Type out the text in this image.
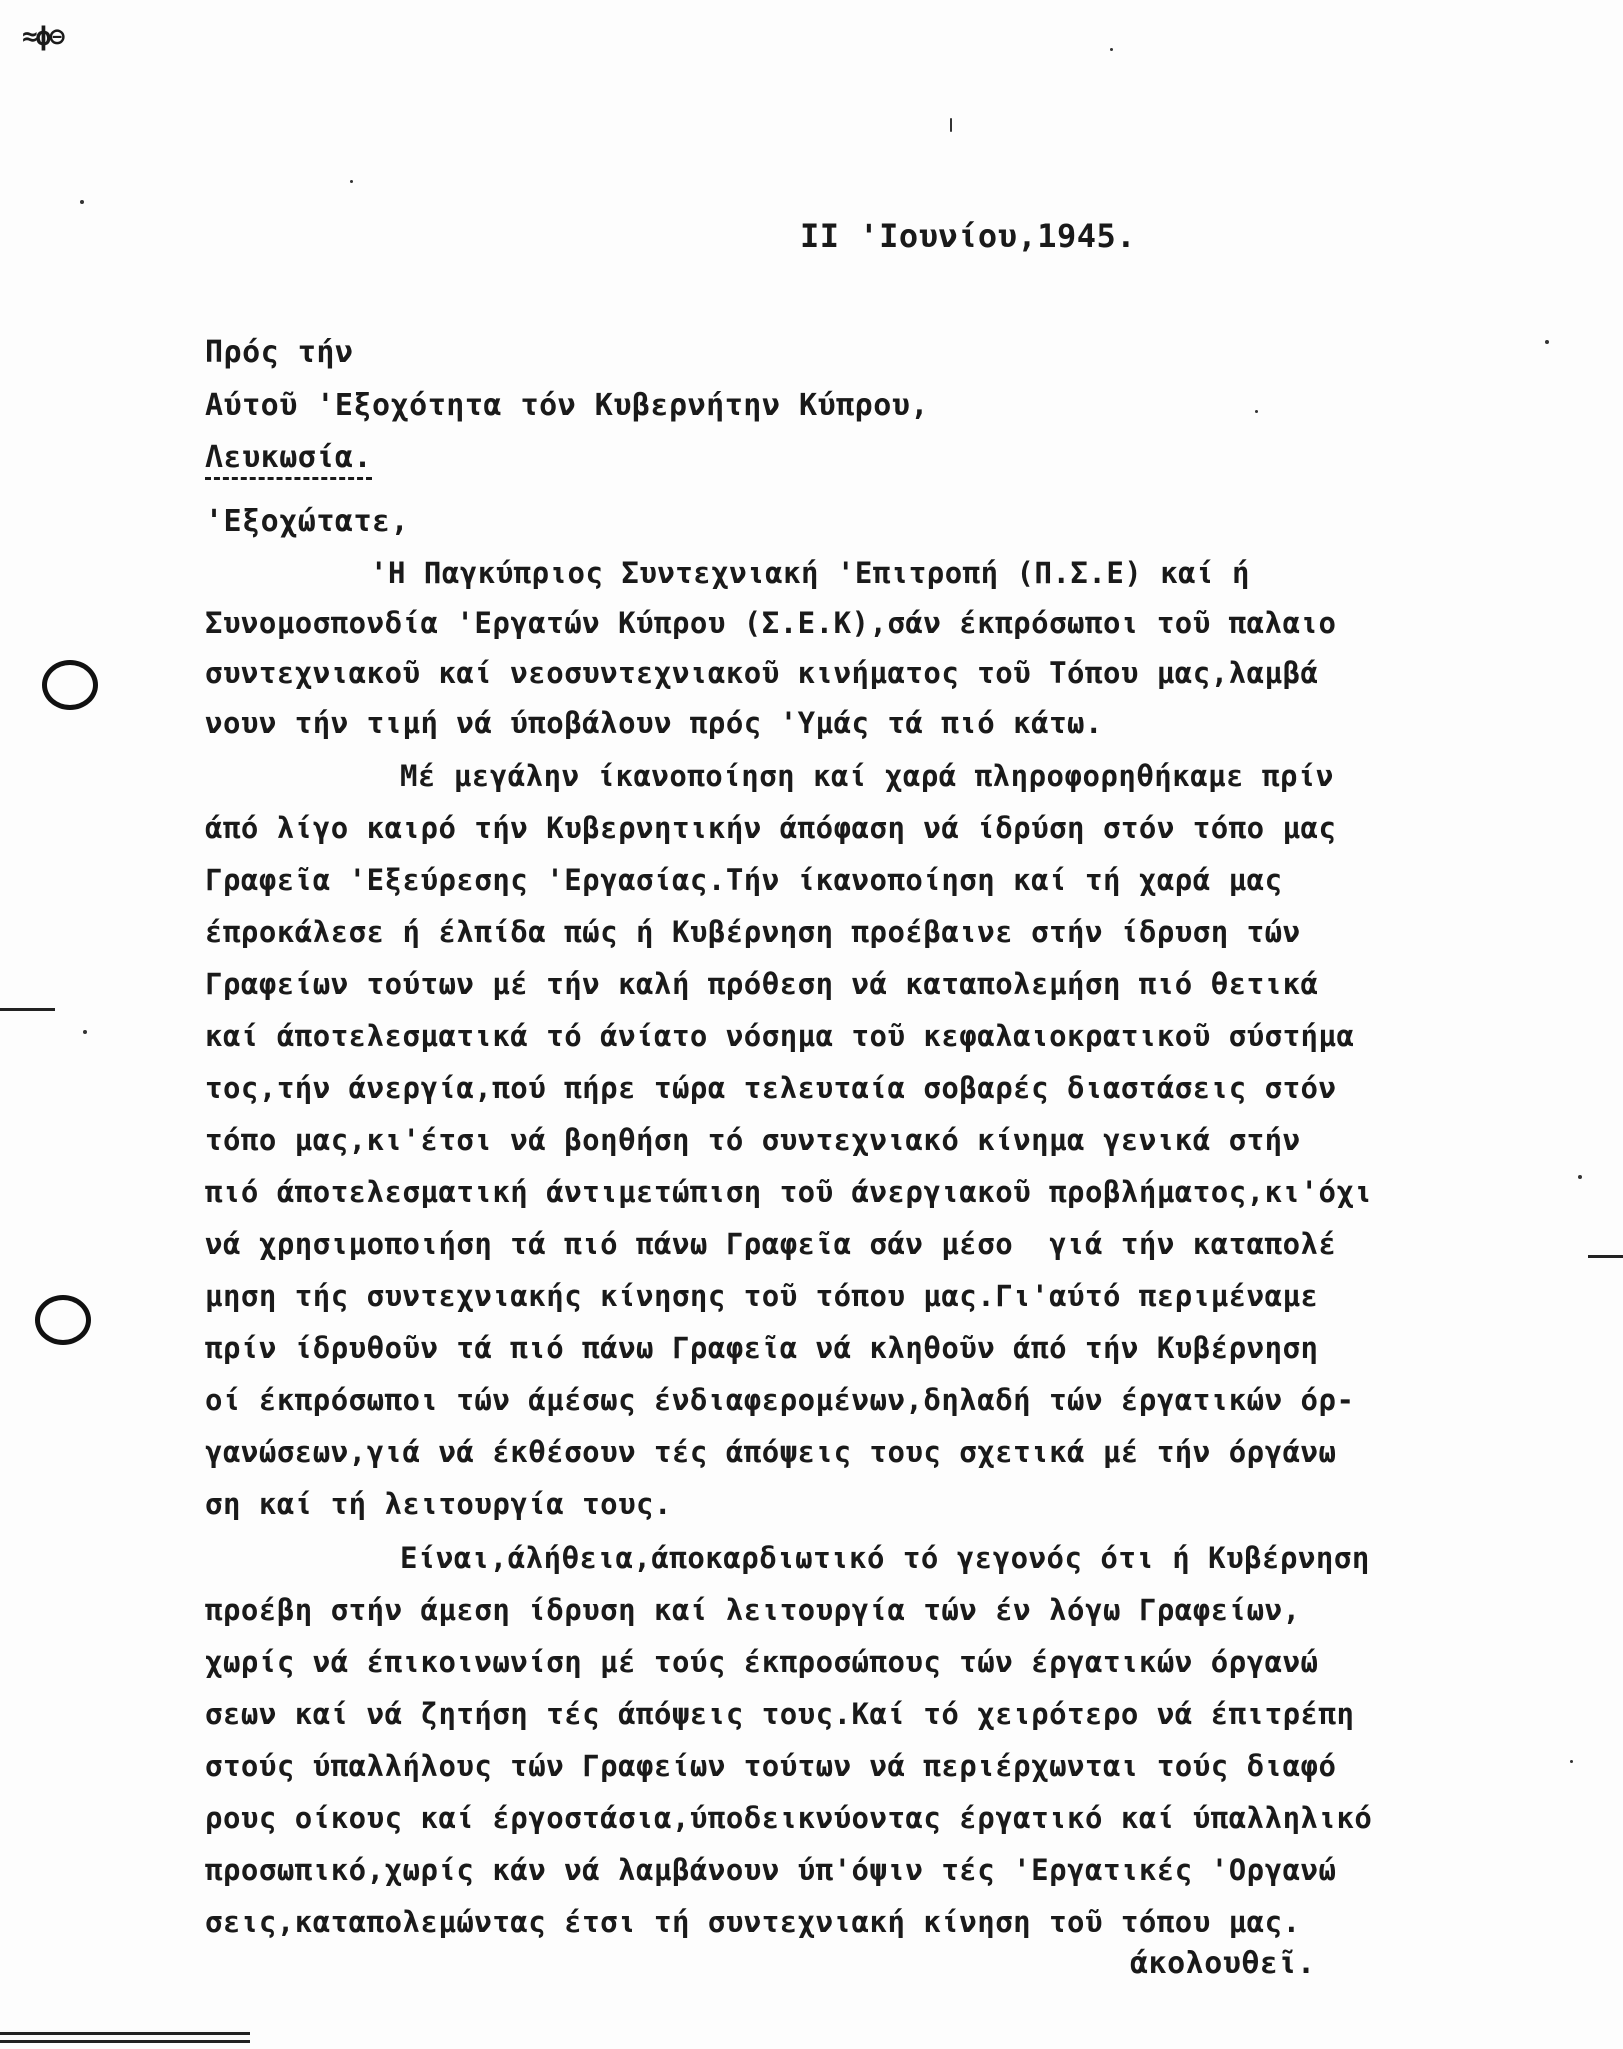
≈ϕ⊖
II 'Ιουνίου,1945.
Πρός τήν
Αύτοῦ 'Εξοχότητα τόν Κυβερνήτην Κύπρου,
Λευκωσία.
'Εξοχώτατε,
'Η Παγκύπριος Συντεχνιακή 'Επιτροπή (Π.Σ.Ε) καί ή
Συνομοσπονδία 'Εργατών Κύπρου (Σ.Ε.Κ),σάν έκπρόσωποι τοῦ παλαιο
συντεχνιακοῦ καί νεοσυντεχνιακοῦ κινήματος τοῦ Τόπου μας,λαμβά
νουν τήν τιμή νά ύποβάλουν πρός 'Υμάς τά πιό κάτω.
Μέ μεγάλην ίκανοποίηση καί χαρά πληροφορηθήκαμε πρίν
άπό λίγο καιρό τήν Κυβερνητικήν άπόφαση νά ίδρύση στόν τόπο μας
Γραφεῖα 'Εξεύρεσης 'Εργασίας.Τήν ίκανοποίηση καί τή χαρά μας
έπροκάλεσε ή έλπίδα πώς ή Κυβέρνηση προέβαινε στήν ίδρυση τών
Γραφείων τούτων μέ τήν καλή πρόθεση νά καταπολεμήση πιό θετικά
καί άποτελεσματικά τό άνίατο νόσημα τοῦ κεφαλαιοκρατικοῦ σύστήμα
τος,τήν άνεργία,πού πήρε τώρα τελευταία σοβαρές διαστάσεις στόν
τόπο μας,κι'έτσι νά βοηθήση τό συντεχνιακό κίνημα γενικά στήν
πιό άποτελεσματική άντιμετώπιση τοῦ άνεργιακοῦ προβλήματος,κι'όχι
νά χρησιμοποιήση τά πιό πάνω Γραφεῖα σάν μέσο  γιά τήν καταπολέ
μηση τής συντεχνιακής κίνησης τοῦ τόπου μας.Γι'αύτό περιμέναμε
πρίν ίδρυθοῦν τά πιό πάνω Γραφεῖα νά κληθοῦν άπό τήν Κυβέρνηση
οί έκπρόσωποι τών άμέσως ένδιαφερομένων,δηλαδή τών έργατικών όρ-
γανώσεων,γιά νά έκθέσουν τές άπόψεις τους σχετικά μέ τήν όργάνω
ση καί τή λειτουργία τους.
Είναι,άλήθεια,άποκαρδιωτικό τό γεγονός ότι ή Κυβέρνηση
προέβη στήν άμεση ίδρυση καί λειτουργία τών έν λόγω Γραφείων,
χωρίς νά έπικοινωνίση μέ τούς έκπροσώπους τών έργατικών όργανώ
σεων καί νά ζητήση τές άπόψεις τους.Καί τό χειρότερο νά έπιτρέπη
στούς ύπαλλήλους τών Γραφείων τούτων νά περιέρχωνται τούς διαφό
ρους οίκους καί έργοστάσια,ύποδεικνύοντας έργατικό καί ύπαλληλικό
προσωπικό,χωρίς κάν νά λαμβάνουν ύπ'όψιν τές 'Εργατικές 'Οργανώ
σεις,καταπολεμώντας έτσι τή συντεχνιακή κίνηση τοῦ τόπου μας.
άκολουθεῖ.
